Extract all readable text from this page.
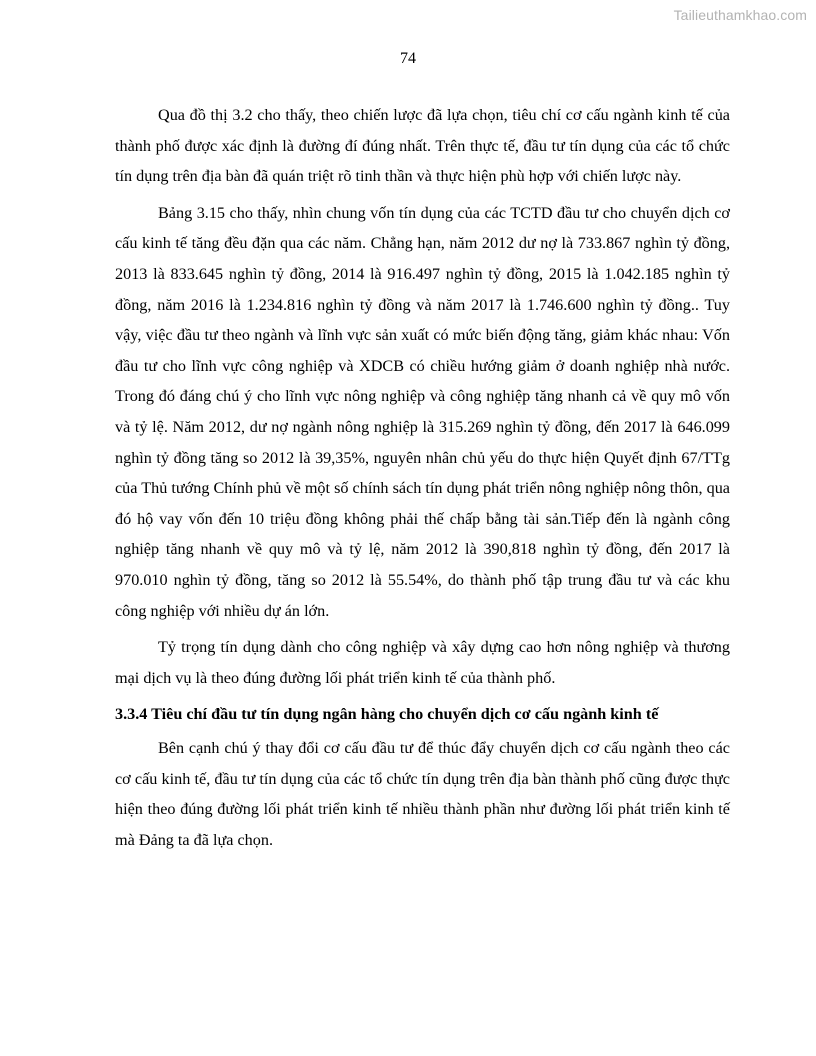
Tailieuthamkhao.com
74

Qua đồ thị 3.2 cho thấy, theo chiến lược đã lựa chọn, tiêu chí cơ cấu ngành kinh tế của thành phố được xác định là đường đí đúng nhất. Trên thực tế, đầu tư tín dụng của các tổ chức tín dụng trên địa bàn đã quán triệt rõ tinh thần và thực hiện phù hợp với chiến lược này.

Bảng 3.15 cho thấy, nhìn chung vốn tín dụng của các TCTD đầu tư cho chuyển dịch cơ cấu kinh tế tăng đều đặn qua các năm. Chẳng hạn, năm 2012 dư nợ là 733.867 nghìn tỷ đồng, 2013 là 833.645 nghìn tỷ đồng, 2014 là 916.497 nghìn tỷ đồng, 2015 là 1.042.185 nghìn tỷ đồng, năm 2016 là 1.234.816 nghìn tỷ đồng và năm 2017 là 1.746.600 nghìn tỷ đồng.. Tuy vậy, việc đầu tư theo ngành và lĩnh vực sản xuất có mức biến động tăng, giảm khác nhau: Vốn đầu tư cho lĩnh vực công nghiệp và XDCB có chiều hướng giảm ở doanh nghiệp nhà nước. Trong đó đáng chú ý cho lĩnh vực nông nghiệp và công nghiệp tăng nhanh cả về quy mô vốn và tỷ lệ. Năm 2012, dư nợ ngành nông nghiệp là 315.269 nghìn tỷ đồng, đến 2017 là 646.099 nghìn tỷ đồng tăng so 2012 là 39,35%, nguyên nhân chủ yếu do thực hiện Quyết định 67/TTg của Thủ tướng Chính phủ về một số chính sách tín dụng phát triển nông nghiệp nông thôn, qua đó hộ vay vốn đến 10 triệu đồng không phải thế chấp bằng tài sản.Tiếp đến là ngành công nghiệp tăng nhanh về quy mô và tỷ lệ, năm 2012 là 390,818 nghìn tỷ đồng, đến 2017 là 970.010 nghìn tỷ đồng, tăng so 2012 là 55.54%, do thành phố tập trung đầu tư và các khu công nghiệp với nhiều dự án lớn.

Tỷ trọng tín dụng dành cho công nghiệp và xây dựng cao hơn nông nghiệp và thương mại dịch vụ là theo đúng đường lối phát triển kinh tế của thành phố.

3.3.4 Tiêu chí đầu tư tín dụng ngân hàng cho chuyển dịch cơ cấu ngành kinh tế

Bên cạnh chú ý thay đổi cơ cấu đầu tư để thúc đẩy chuyển dịch cơ cấu ngành theo các cơ cấu kinh tế, đầu tư tín dụng của các tổ chức tín dụng trên địa bàn thành phố cũng được thực hiện theo đúng đường lối phát triển kinh tế nhiều thành phần như đường lối phát triển kinh tế mà Đảng ta đã lựa chọn.
